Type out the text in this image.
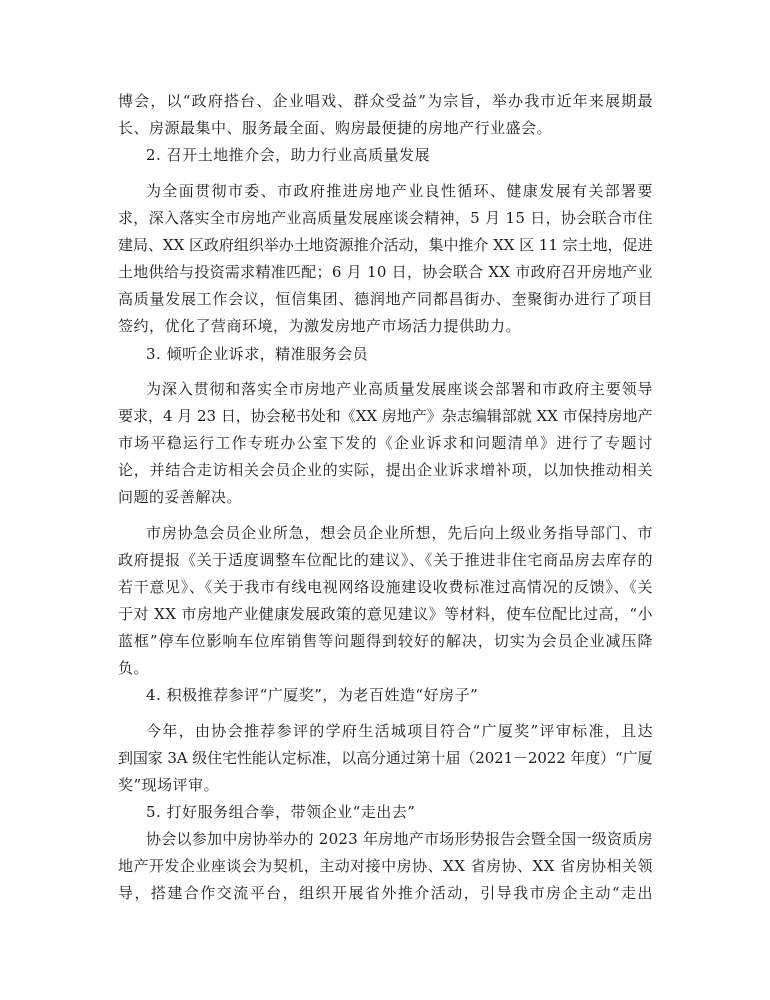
博会，以“政府搭台、企业唱戏、群众受益”为宗旨，举办我市近年来展期最
长、房源最集中、服务最全面、购房最便捷的房地产行业盛会。
2. 召开土地推介会，助力行业高质量发展
为全面贯彻市委、市政府推进房地产业良性循环、健康发展有关部署要
求，深入落实全市房地产业高质量发展座谈会精神，5 月 15 日，协会联合市住
建局、XX 区政府组织举办土地资源推介活动，集中推介 XX 区 11 宗土地，促进
土地供给与投资需求精准匹配；6 月 10 日，协会联合 XX 市政府召开房地产业
高质量发展工作会议，恒信集团、德润地产同都昌街办、奎聚街办进行了项目
签约，优化了营商环境，为激发房地产市场活力提供助力。
3. 倾听企业诉求，精准服务会员
为深入贯彻和落实全市房地产业高质量发展座谈会部署和市政府主要领导
要求，4 月 23 日，协会秘书处和《XX 房地产》杂志编辑部就 XX 市保持房地产
市场平稳运行工作专班办公室下发的《企业诉求和问题清单》进行了专题讨
论，并结合走访相关会员企业的实际，提出企业诉求增补项，以加快推动相关
问题的妥善解决。
市房协急会员企业所急，想会员企业所想，先后向上级业务指导部门、市
政府提报《关于适度调整车位配比的建议》、《关于推进非住宅商品房去库存的
若干意见》、《关于我市有线电视网络设施建设收费标准过高情况的反馈》、《关
于对 XX 市房地产业健康发展政策的意见建议》等材料，使车位配比过高，“小
蓝框”停车位影响车位库销售等问题得到较好的解决，切实为会员企业减压降
负。
4. 积极推荐参评“广厦奖”，为老百姓造“好房子”
今年，由协会推荐参评的学府生活城项目符合“广厦奖”评审标准，且达
到国家 3A 级住宅性能认定标准，以高分通过第十届（2021－2022 年度）“广厦
奖”现场评审。
5. 打好服务组合拳，带领企业“走出去”
协会以参加中房协举办的 2023 年房地产市场形势报告会暨全国一级资质房
地产开发企业座谈会为契机，主动对接中房协、XX 省房协、XX 省房协相关领
导，搭建合作交流平台，组织开展省外推介活动，引导我市房企主动“走出
